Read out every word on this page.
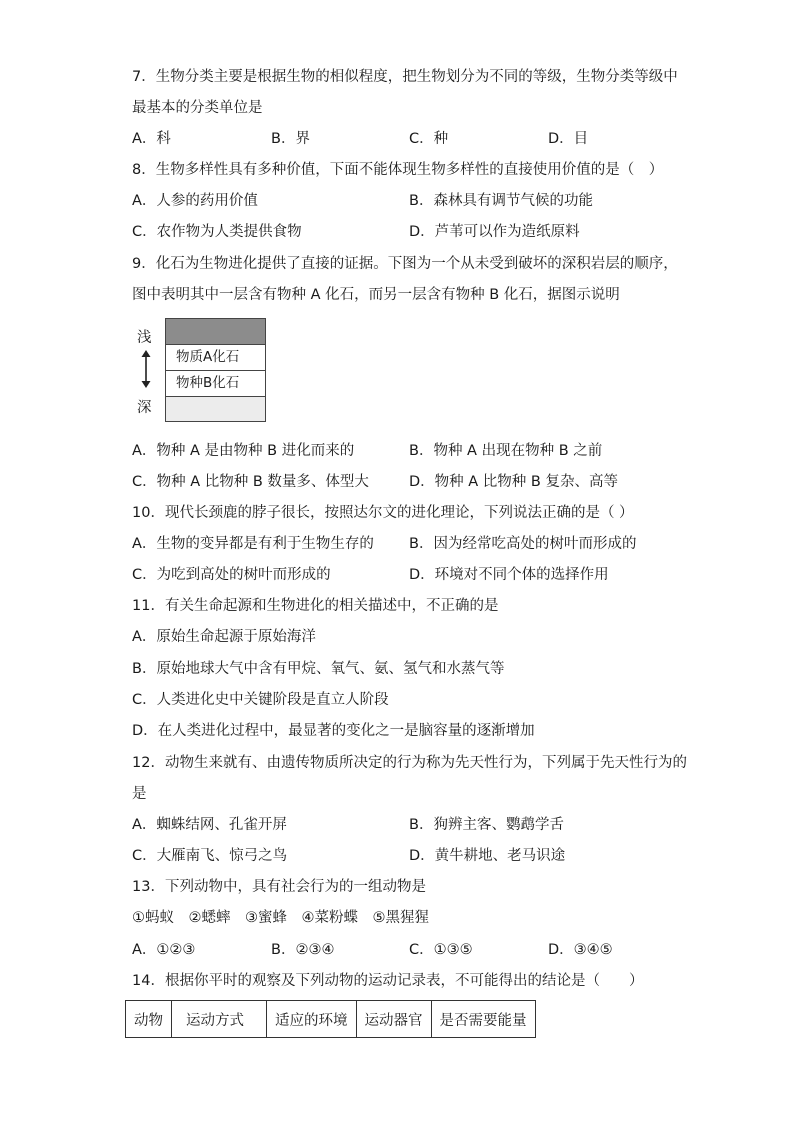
7．生物分类主要是根据生物的相似程度，把生物划分为不同的等级，生物分类等级中
最基本的分类单位是
A．科	B．界	C．种	D．目
8．生物多样性具有多种价值，下面不能体现生物多样性的直接使用价值的是（　）
A．人参的药用价值	B．森林具有调节气候的功能
C．农作物为人类提供食物	D．芦苇可以作为造纸原料
9．化石为生物进化提供了直接的证据。下图为一个从未受到破坏的深积岩层的顺序，
图中表明其中一层含有物种 A 化石，而另一层含有物种 B 化石，据图示说明
浅
深
物质A化石
物种B化石
A．物种 A 是由物种 B 进化而来的	B．物种 A 出现在物种 B 之前
C．物种 A 比物种 B 数量多、体型大	D．物种 A 比物种 B 复杂、高等
10．现代长颈鹿的脖子很长，按照达尔文的进化理论，下列说法正确的是（ ）
A．生物的变异都是有利于生物生存的 B．因为经常吃高处的树叶而形成的
C．为吃到高处的树叶而形成的	D．环境对不同个体的选择作用
11．有关生命起源和生物进化的相关描述中，不正确的是
A．原始生命起源于原始海洋
B．原始地球大气中含有甲烷、氧气、氨、氢气和水蒸气等
C．人类进化史中关键阶段是直立人阶段
D．在人类进化过程中，最显著的变化之一是脑容量的逐渐增加
12．动物生来就有、由遗传物质所决定的行为称为先天性行为，下列属于先天性行为的
是
A．蜘蛛结网、孔雀开屏	B．狗辨主客、鹦鹉学舌
C．大雁南飞、惊弓之鸟	D．黄牛耕地、老马识途
13．下列动物中，具有社会行为的一组动物是
①蚂蚁　②蟋蟀　③蜜蜂　④菜粉蝶　⑤黑猩猩
A．①②③	B．②③④	C．①③⑤	D．③④⑤
14．根据你平时的观察及下列动物的运动记录表，不可能得出的结论是（　　）
动物	运动方式	适应的环境	运动器官	是否需要能量
